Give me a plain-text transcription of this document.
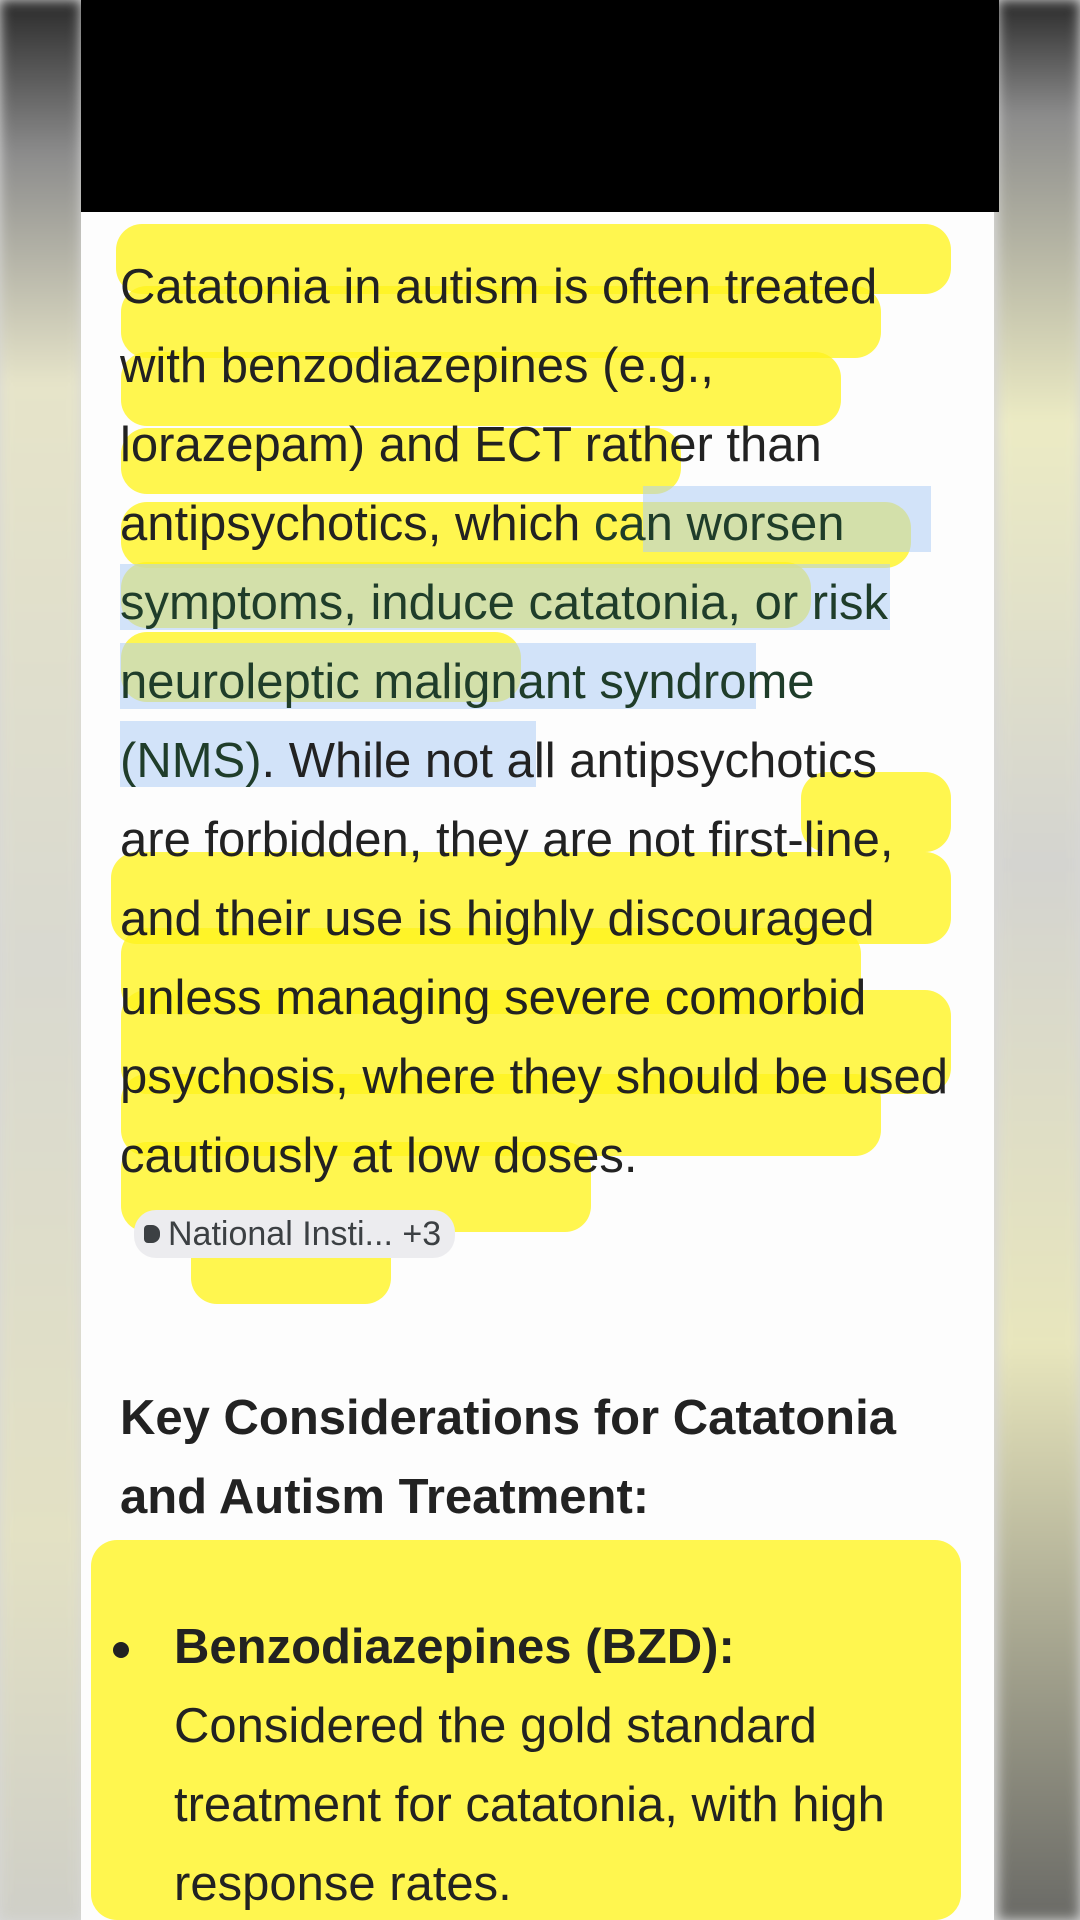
Catatonia in autism is often treated with benzodiazepines (e.g., lorazepam) and ECT rather than antipsychotics, which can worsen symptoms, induce catatonia, or risk neuroleptic malignant syndrome (NMS). While not all antipsychotics are forbidden, they are not first-line, and their use is highly discouraged unless managing severe comorbid psychosis, where they should be used cautiously at low doses.National Insti... +3
Key Considerations for Catatonia and Autism Treatment:
Benzodiazepines (BZD):
Considered the gold standard treatment for catatonia, with high response rates.
